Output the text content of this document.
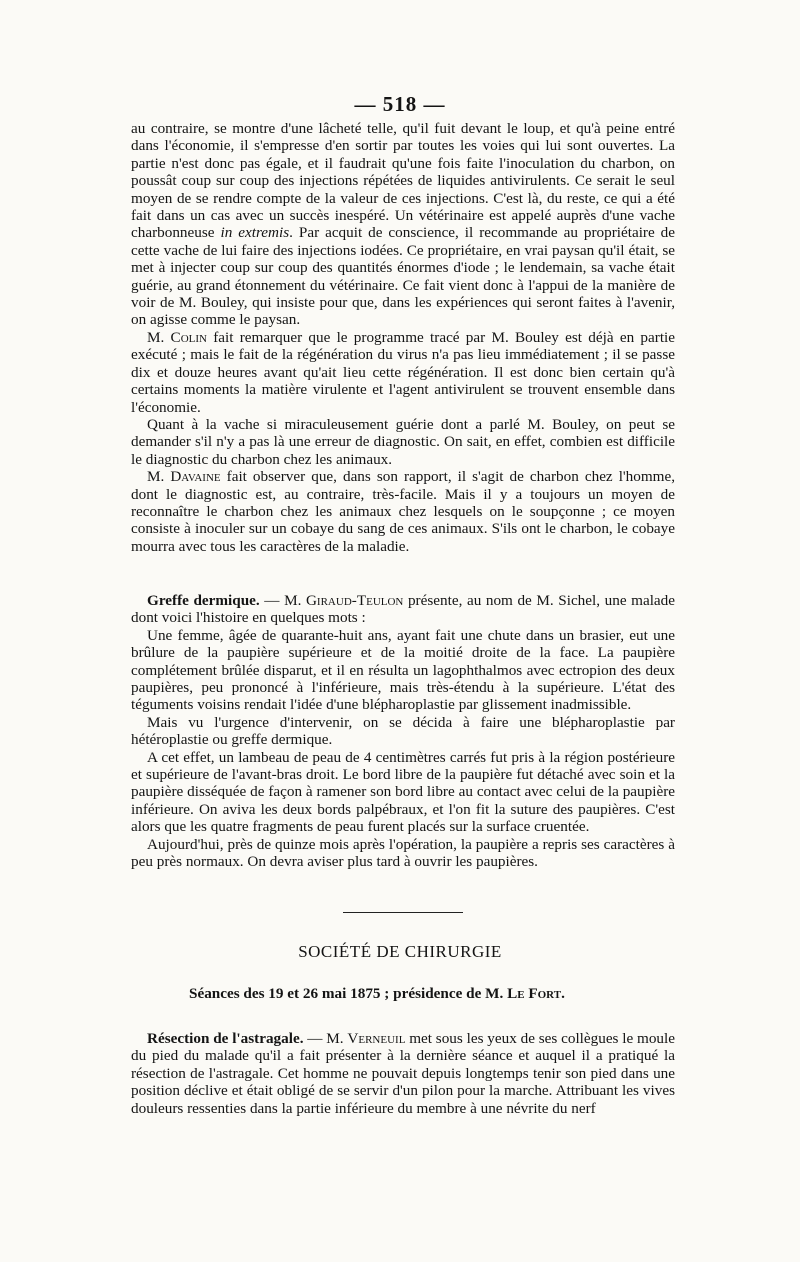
— 518 —

au contraire, se montre d'une lâcheté telle, qu'il fuit devant le loup, et qu'à peine entré dans l'économie, il s'empresse d'en sortir par toutes les voies qui lui sont ouvertes. La partie n'est donc pas égale, et il faudrait qu'une fois faite l'inoculation du charbon, on poussât coup sur coup des injections répétées de liquides antivirulents. Ce serait le seul moyen de se rendre compte de la valeur de ces injections. C'est là, du reste, ce qui a été fait dans un cas avec un succès inespéré. Un vétérinaire est appelé auprès d'une vache charbonneuse in extremis. Par acquit de conscience, il recommande au propriétaire de cette vache de lui faire des injections iodées. Ce propriétaire, en vrai paysan qu'il était, se met à injecter coup sur coup des quantités énormes d'iode ; le lendemain, sa vache était guérie, au grand étonnement du vétérinaire. Ce fait vient donc à l'appui de la manière de voir de M. Bouley, qui insiste pour que, dans les expériences qui seront faites à l'avenir, on agisse comme le paysan.

M. Colin fait remarquer que le programme tracé par M. Bouley est déjà en partie exécuté ; mais le fait de la régénération du virus n'a pas lieu immédiatement ; il se passe dix et douze heures avant qu'ait lieu cette régénération. Il est donc bien certain qu'à certains moments la matière virulente et l'agent antivirulent se trouvent ensemble dans l'économie.

Quant à la vache si miraculeusement guérie dont a parlé M. Bouley, on peut se demander s'il n'y a pas là une erreur de diagnostic. On sait, en effet, combien est difficile le diagnostic du charbon chez les animaux.

M. Davaine fait observer que, dans son rapport, il s'agit de charbon chez l'homme, dont le diagnostic est, au contraire, très-facile. Mais il y a toujours un moyen de reconnaître le charbon chez les animaux chez lesquels on le soupçonne ; ce moyen consiste à inoculer sur un cobaye du sang de ces animaux. S'ils ont le charbon, le cobaye mourra avec tous les caractères de la maladie.

Greffe dermique. — M. Giraud-Teulon présente, au nom de M. Sichel, une malade dont voici l'histoire en quelques mots :

Une femme, âgée de quarante-huit ans, ayant fait une chute dans un brasier, eut une brûlure de la paupière supérieure et de la moitié droite de la face. La paupière complétement brûlée disparut, et il en résulta un lagophthalmos avec ectropion des deux paupières, peu prononcé à l'inférieure, mais très-étendu à la supérieure. L'état des téguments voisins rendait l'idée d'une blépharoplastie par glissement inadmissible.

Mais vu l'urgence d'intervenir, on se décida à faire une blépharoplastie par hétéroplastie ou greffe dermique.

A cet effet, un lambeau de peau de 4 centimètres carrés fut pris à la région postérieure et supérieure de l'avant-bras droit. Le bord libre de la paupière fut détaché avec soin et la paupière disséquée de façon à ramener son bord libre au contact avec celui de la paupière inférieure. On aviva les deux bords palpébraux, et l'on fit la suture des paupières. C'est alors que les quatre fragments de peau furent placés sur la surface cruentée.

Aujourd'hui, près de quinze mois après l'opération, la paupière a repris ses caractères à peu près normaux. On devra aviser plus tard à ouvrir les paupières.

SOCIÉTÉ DE CHIRURGIE
Séances des 19 et 26 mai 1875 ; présidence de M. Le Fort.

Résection de l'astragale. — M. Verneuil met sous les yeux de ses collègues le moule du pied du malade qu'il a fait présenter à la dernière séance et auquel il a pratiqué la résection de l'astragale. Cet homme ne pouvait depuis longtemps tenir son pied dans une position déclive et était obligé de se servir d'un pilon pour la marche. Attribuant les vives douleurs ressenties dans la partie inférieure du membre à une névrite du nerf
